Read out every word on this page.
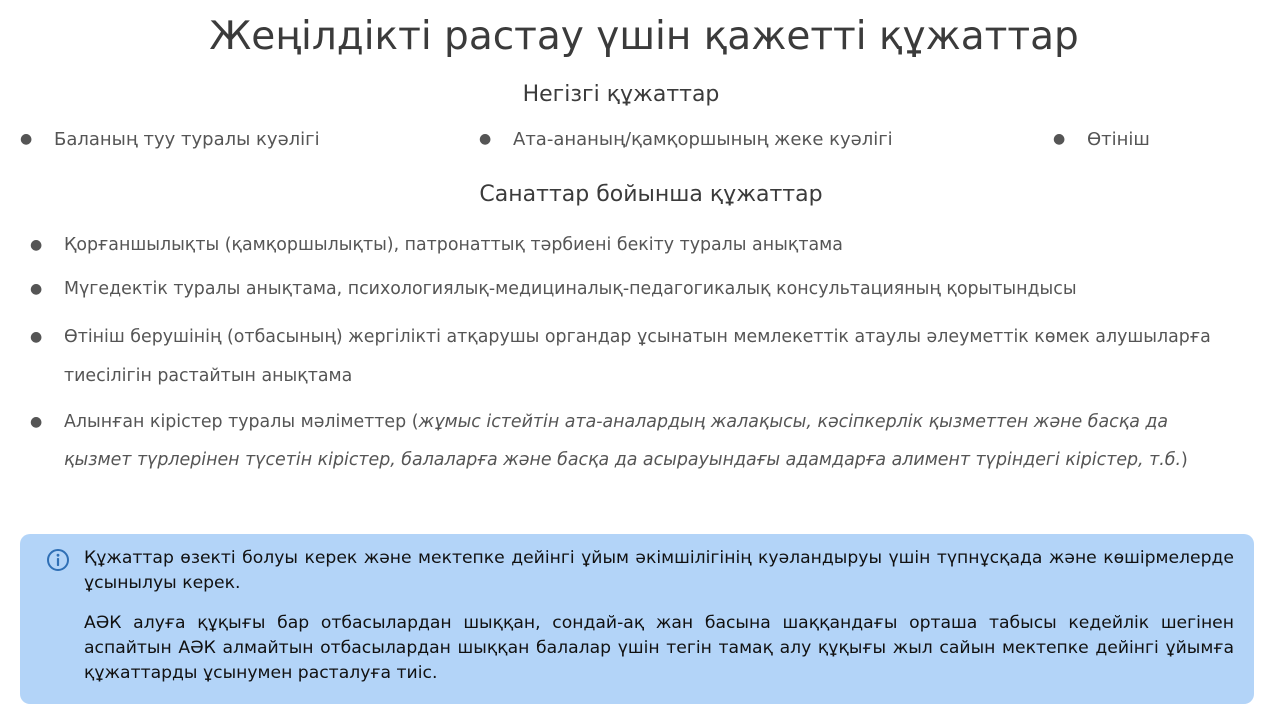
Жеңілдікті растау үшін қажетті құжаттар
Негізгі құжаттар
● Баланың туу туралы куәлігі	● Ата-ананың/қамқоршының жеке куәлігі	● Өтініш
Санаттар бойынша құжаттар
● Қорғаншылықты (қамқоршылықты), патронаттық тәрбиені бекіту туралы анықтама
● Мүгедектік туралы анықтама, психологиялық-медициналық-педагогикалық консультацияның қорытындысы
● Өтініш берушінің (отбасының) жергілікті атқарушы органдар ұсынатын мемлекеттік атаулы әлеуметтік көмек алушыларға тиесілігін растайтын анықтама
● Алынған кірістер туралы мәліметтер (жұмыс істейтін ата-аналардың жалақысы, кәсіпкерлік қызметтен және басқа да қызмет түрлерінен түсетін кірістер, балаларға және басқа да асырауындағы адамдарға алимент түріндегі кірістер, т.б.)

Құжаттар өзекті болуы керек және мектепке дейінгі ұйым әкімшілігінің куәландыруы үшін түпнұсқада және көшірмелерде ұсынылуы керек.

АӘК алуға құқығы бар отбасылардан шыққан, сондай-ақ жан басына шаққандағы орташа табысы кедейлік шегінен аспайтын АӘК алмайтын отбасылардан шыққан балалар үшін тегін тамақ алу құқығы жыл сайын мектепке дейінгі ұйымға құжаттарды ұсынумен расталуға тиіс.
